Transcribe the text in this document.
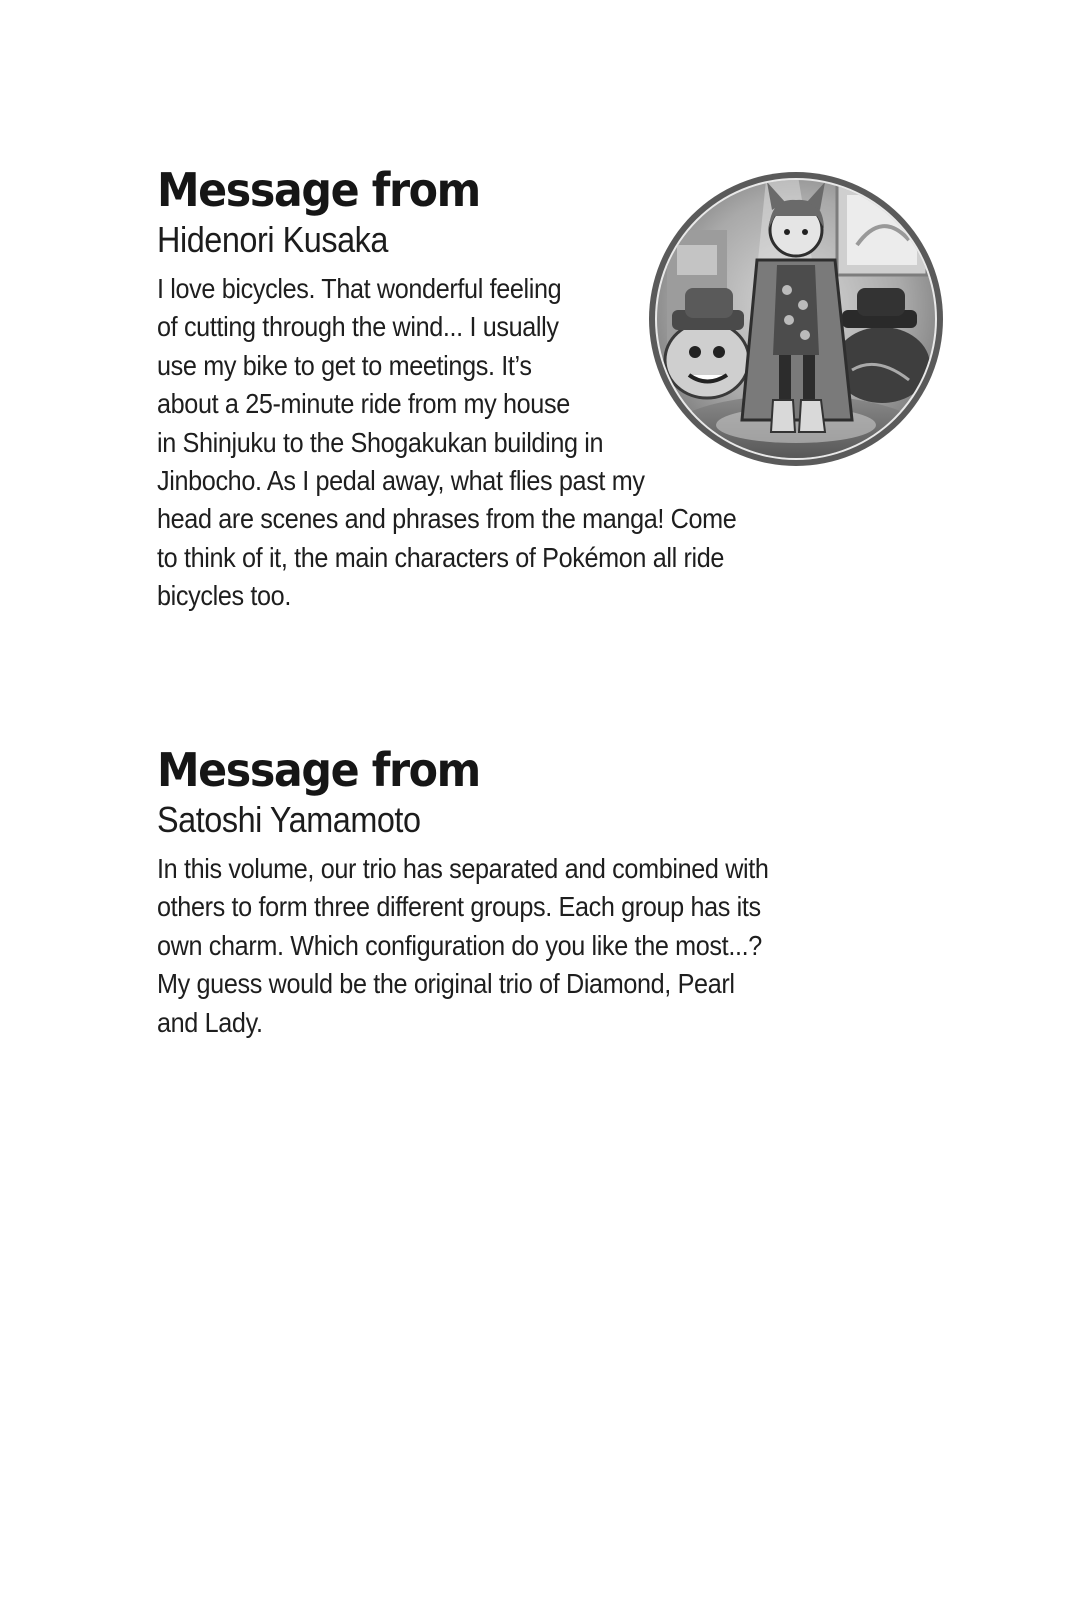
Message from
Hidenori Kusaka

I love bicycles. That wonderful feeling
of cutting through the wind... I usually
use my bike to get to meetings. It’s
about a 25-minute ride from my house
in Shinjuku to the Shogakukan building in
Jinbocho. As I pedal away, what flies past my
head are scenes and phrases from the manga! Come
to think of it, the main characters of Pokémon all ride
bicycles too.

Message from
Satoshi Yamamoto

In this volume, our trio has separated and combined with
others to form three different groups. Each group has its
own charm. Which configuration do you like the most...?
My guess would be the original trio of Diamond, Pearl
and Lady.
